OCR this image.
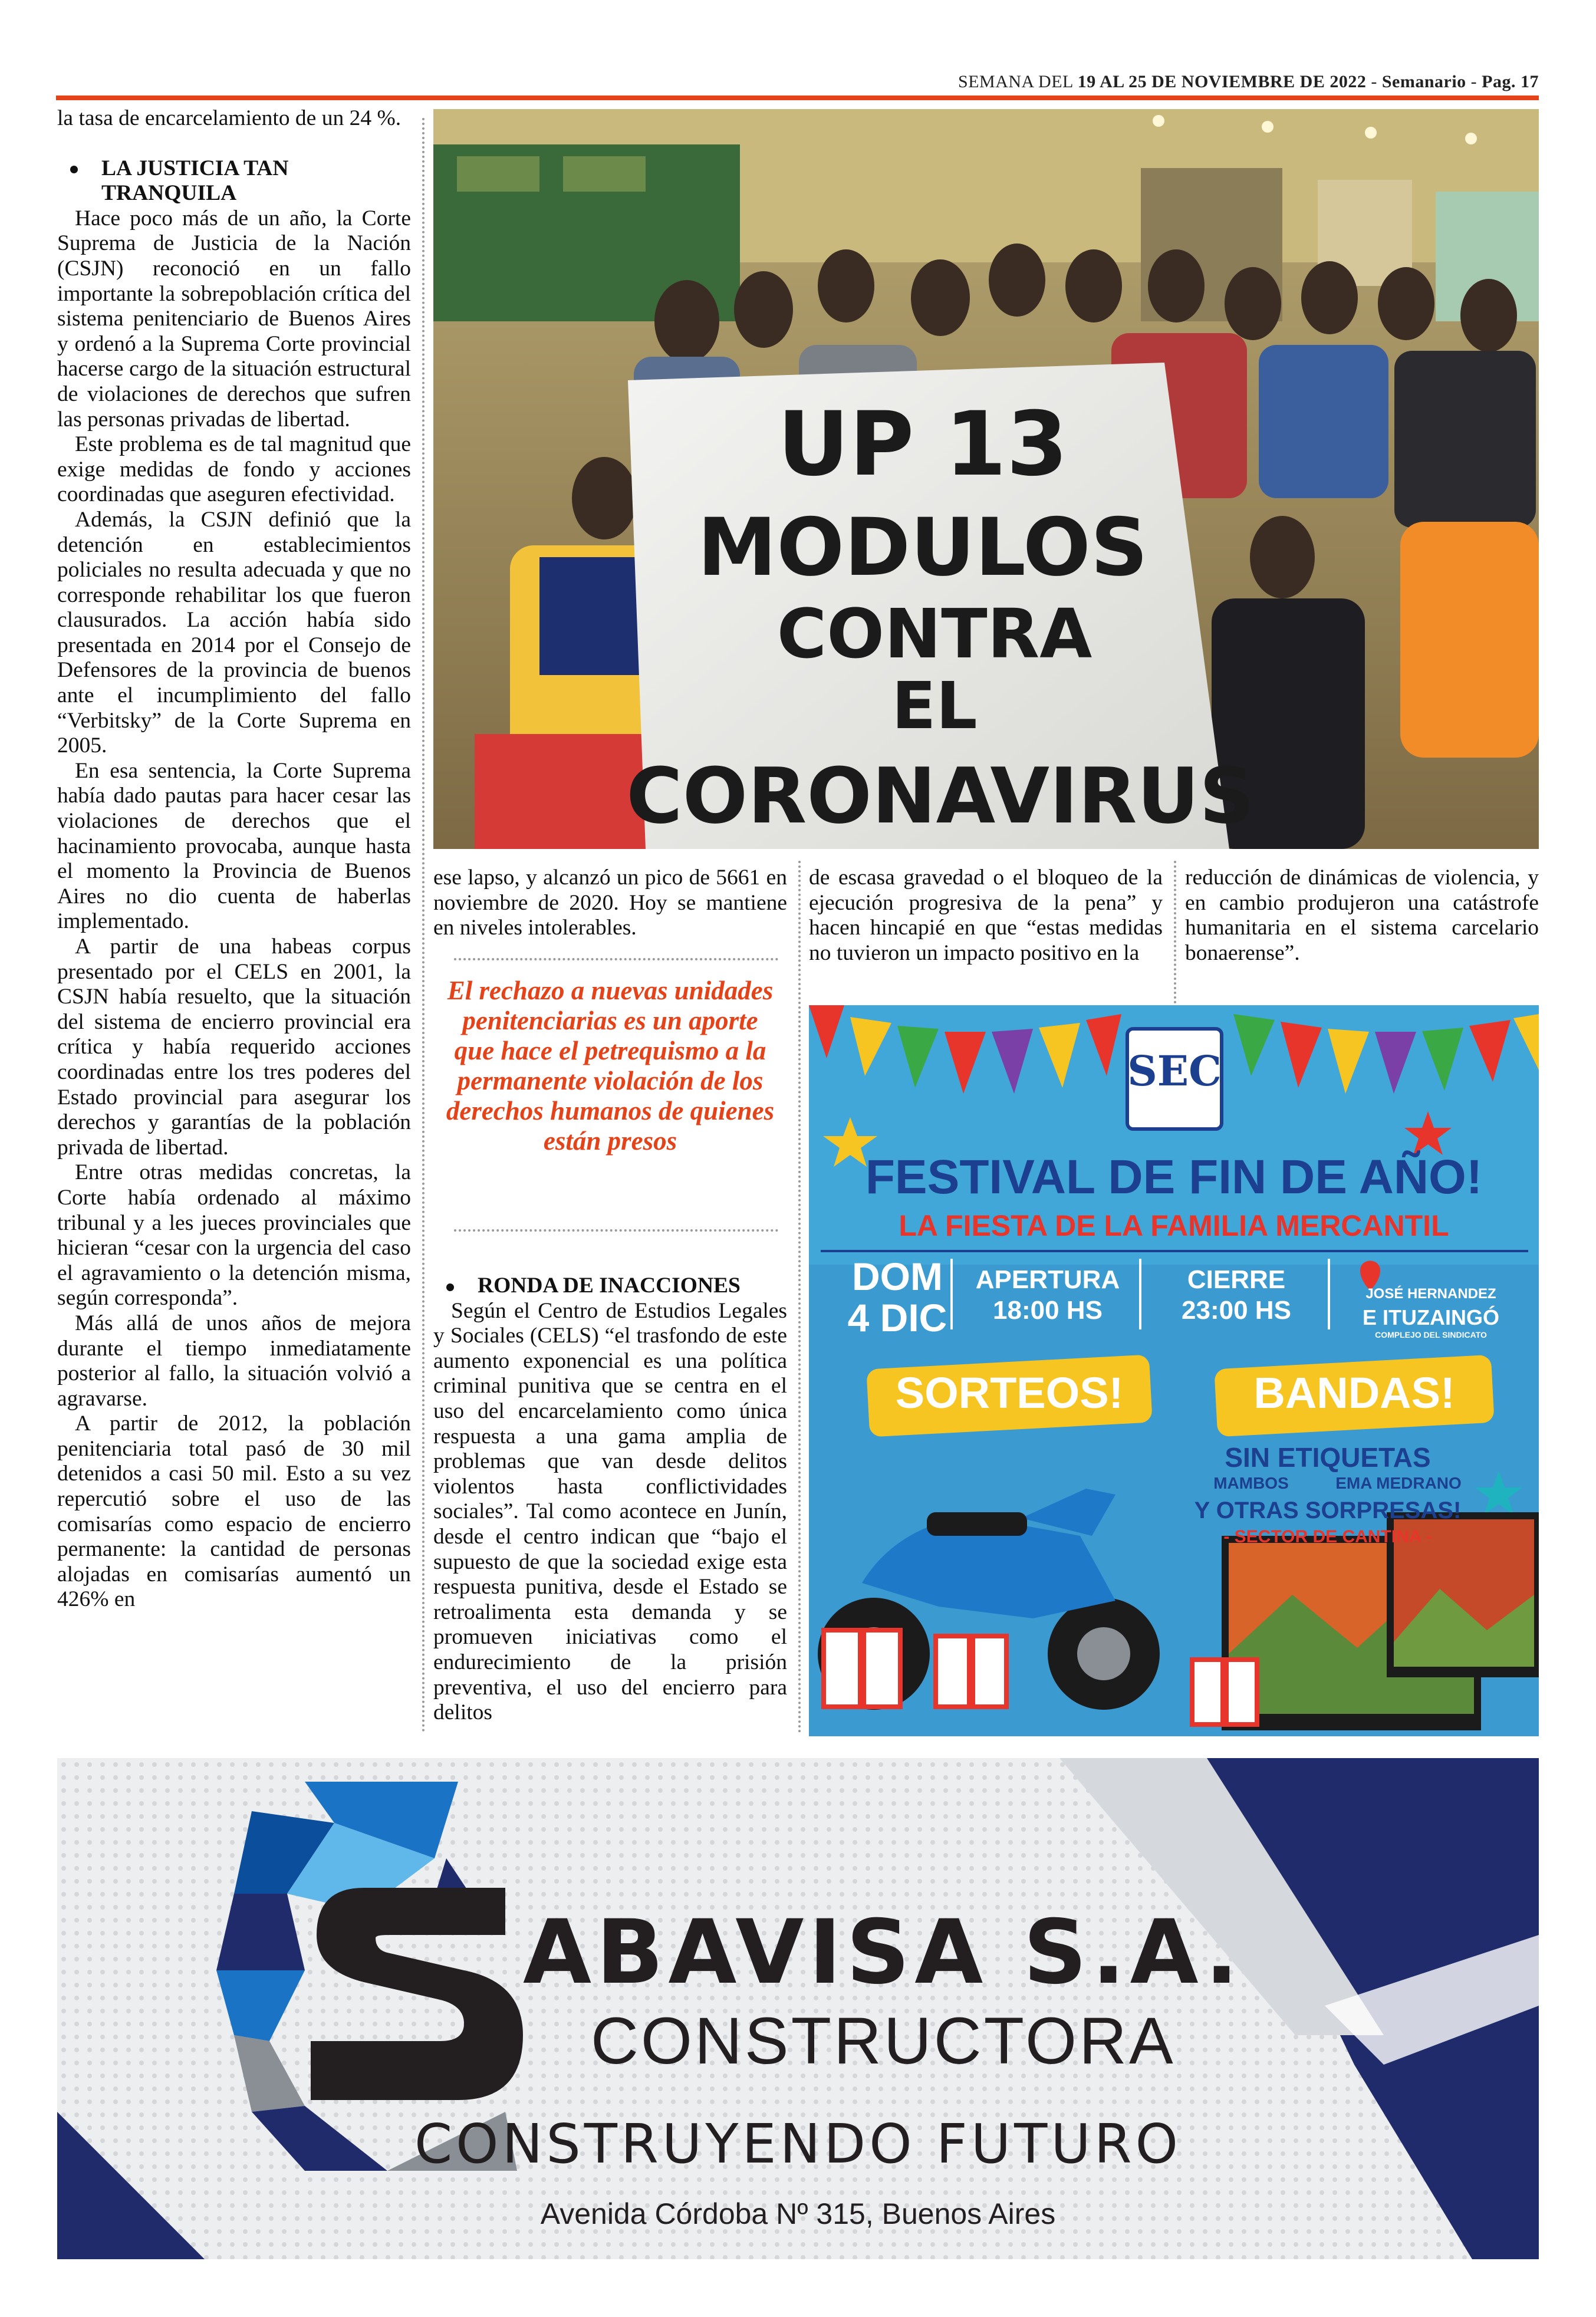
SEMANA DEL 19 AL 25 DE NOVIEMBRE DE 2022 - Semanario - Pag. 17

la tasa de encarcelamiento de un 24 %.

LA JUSTICIA TAN TRANQUILA

Hace poco más de un año, la Corte Suprema de Justicia de la Nación (CSJN) reconoció en un fallo importante la sobrepoblación crítica del sistema penitenciario de Buenos Aires y ordenó a la Suprema Corte provincial hacerse cargo de la situación estructural de violaciones de derechos que sufren las personas privadas de libertad.

Este problema es de tal magnitud que exige medidas de fondo y acciones coordinadas que aseguren efectividad.

Además, la CSJN definió que la detención en establecimientos policiales no resulta adecuada y que no corresponde rehabilitar los que fueron clausurados. La acción había sido presentada en 2014 por el Consejo de Defensores de la provincia de buenos ante el incumplimiento del fallo “Verbitsky” de la Corte Suprema en 2005.

En esa sentencia, la Corte Suprema había dado pautas para hacer cesar las violaciones de derechos que el hacinamiento provocaba, aunque hasta el momento la Provincia de Buenos Aires no dio cuenta de haberlas implementado.

A partir de una habeas corpus presentado por el CELS en 2001, la CSJN había resuelto, que la situación del sistema de encierro provincial era crítica y había requerido acciones coordinadas entre los tres poderes del Estado provincial para asegurar los derechos y garantías de la población privada de libertad.

Entre otras medidas concretas, la Corte había ordenado al máximo tribunal y a les jueces provinciales que hicieran “cesar con la urgencia del caso el agravamiento o la detención misma, según corresponda”.

Más allá de unos años de mejora durante el tiempo inmediatamente posterior al fallo, la situación volvió a agravarse.

A partir de 2012, la población penitenciaria total pasó de 30 mil detenidos a casi 50 mil. Esto a su vez repercutió sobre el uso de las comisarías como espacio de encierro permanente: la cantidad de personas alojadas en comisarías aumentó un 426% en

UP 13
MODULOS
CONTRA
EL
CORONAVIRUS

ese lapso, y alcanzó un pico de 5661 en noviembre de 2020. Hoy se mantiene en niveles intolerables.

El rechazo a nuevas unidades penitenciarias es un aporte que hace el petrequismo a la permanente violación de los derechos humanos de quienes están presos
RONDA DE INACCIONES

Según el Centro de Estudios Legales y Sociales (CELS) “el trasfondo de este aumento exponencial es una política criminal punitiva que se centra en el uso del encarcelamiento como única respuesta a una gama amplia de problemas que van desde delitos violentos hasta conflictividades sociales”. Tal como acontece en Junín, desde el centro indican que “bajo el supuesto de que la sociedad exige esta respuesta punitiva, desde el Estado se retroalimenta esta demanda y se promueven iniciativas como el endurecimiento de la prisión preventiva, el uso del encierro para delitos

de escasa gravedad o el bloqueo de la ejecución progresiva de la pena” y hacen hincapié en que “estas medidas no tuvieron un impacto positivo en la

reducción de dinámicas de violencia, y en cambio produjeron una catástrofe humanitaria en el sistema carcelario bonaerense”.

SEC
FESTIVAL DE FIN DE AÑO!
LA FIESTA DE LA FAMILIA MERCANTIL
DOM
4 DIC
APERTURA
18:00 HS
CIERRE
23:00 HS
JOSÉ HERNANDEZ
E ITUZAINGÓ
COMPLEJO DEL SINDICATO
SORTEOS!	BANDAS!
SIN ETIQUETAS
MAMBOS	EMA MEDRANO
Y OTRAS SORPRESAS!
- SECTOR DE CANTINA -
ABAVISA S.A.
CONSTRUCTORA
CONSTRUYENDO FUTURO
Avenida Córdoba Nº 315, Buenos Aires
